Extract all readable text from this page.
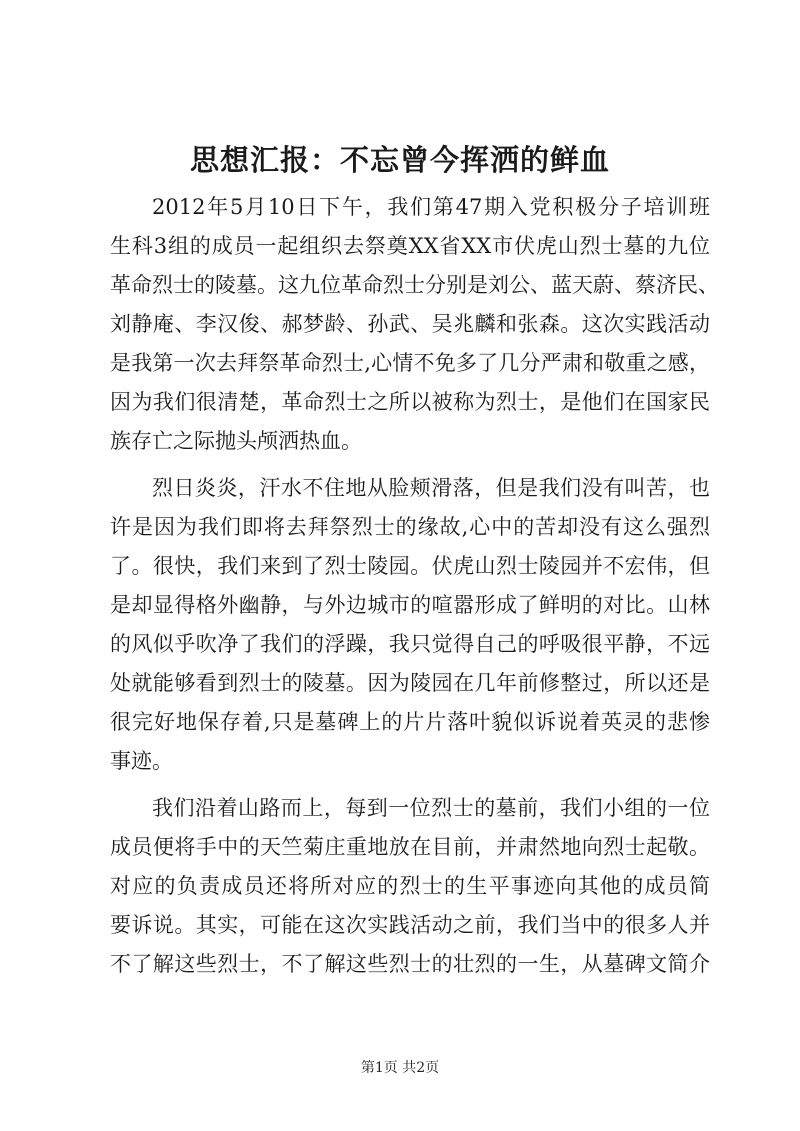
思想汇报：不忘曾今挥洒的鲜血

2012年5月10日下午，我们第47期入党积极分子培训班

生科3组的成员一起组织去祭奠XX省XX市伏虎山烈士墓的九位

革命烈士的陵墓。这九位革命烈士分别是刘公、蓝天蔚、蔡济民、

刘静庵、李汉俊、郝梦龄、孙武、吴兆麟和张森。这次实践活动

是我第一次去拜祭革命烈士,心情不免多了几分严肃和敬重之感，

因为我们很清楚，革命烈士之所以被称为烈士，是他们在国家民

族存亡之际抛头颅洒热血。

烈日炎炎，汗水不住地从脸颊滑落，但是我们没有叫苦，也

许是因为我们即将去拜祭烈士的缘故,心中的苦却没有这么强烈

了。很快，我们来到了烈士陵园。伏虎山烈士陵园并不宏伟，但

是却显得格外幽静，与外边城市的喧嚣形成了鲜明的对比。山林

的风似乎吹净了我们的浮躁，我只觉得自己的呼吸很平静，不远

处就能够看到烈士的陵墓。因为陵园在几年前修整过，所以还是

很完好地保存着,只是墓碑上的片片落叶貌似诉说着英灵的悲惨

事迹。

我们沿着山路而上，每到一位烈士的墓前，我们小组的一位

成员便将手中的天竺菊庄重地放在目前，并肃然地向烈士起敬。

对应的负责成员还将所对应的烈士的生平事迹向其他的成员简

要诉说。其实，可能在这次实践活动之前，我们当中的很多人并

不了解这些烈士，不了解这些烈士的壮烈的一生，从墓碑文简介

第1页 共2页
